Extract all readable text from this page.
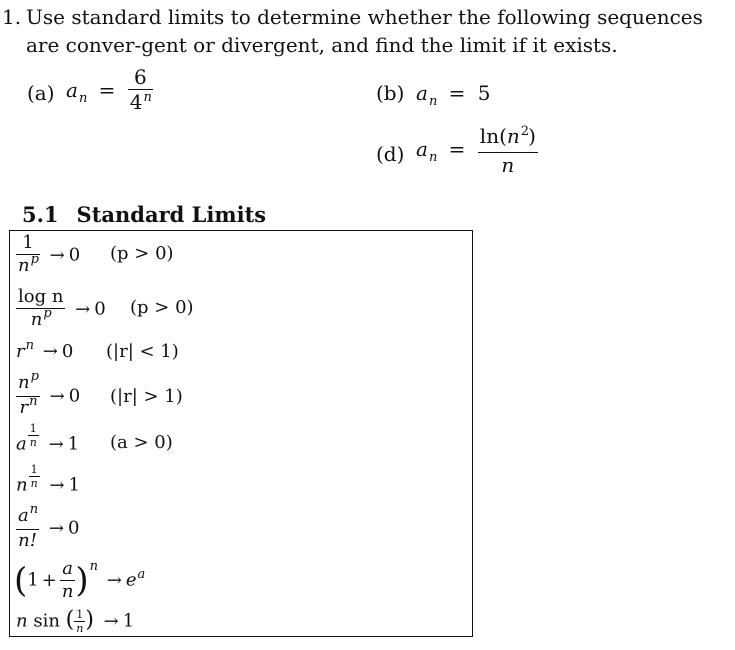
1. Use standard limits to determine whether the following sequences are conver-gent or divergent, and find the limit if it exists.
(a) $a_n = \frac{6}{4^n}$	(b) $a_n = 5$
(d) $a_n = \frac{\ln(n^2)}{n}$
5.1 Standard Limits
$\frac{1}{n^p} \to 0$ (p > 0)
$\frac{\text{log n}}{n^p} \to 0$ (p > 0)
$r^n \to 0$ (|r| < 1)
$\frac{n^p}{r^n} \to 0$ (|r| > 1)
a $\frac{1}{n} \to 1$ (a > 0)
n $\frac{1}{n} \to 1$
$\frac{a^n}{n!} \to 0$
$(1 + \frac{a}{n} )^n \to e^a$
n sin ( $\frac{1}{n}$ ) → 1
